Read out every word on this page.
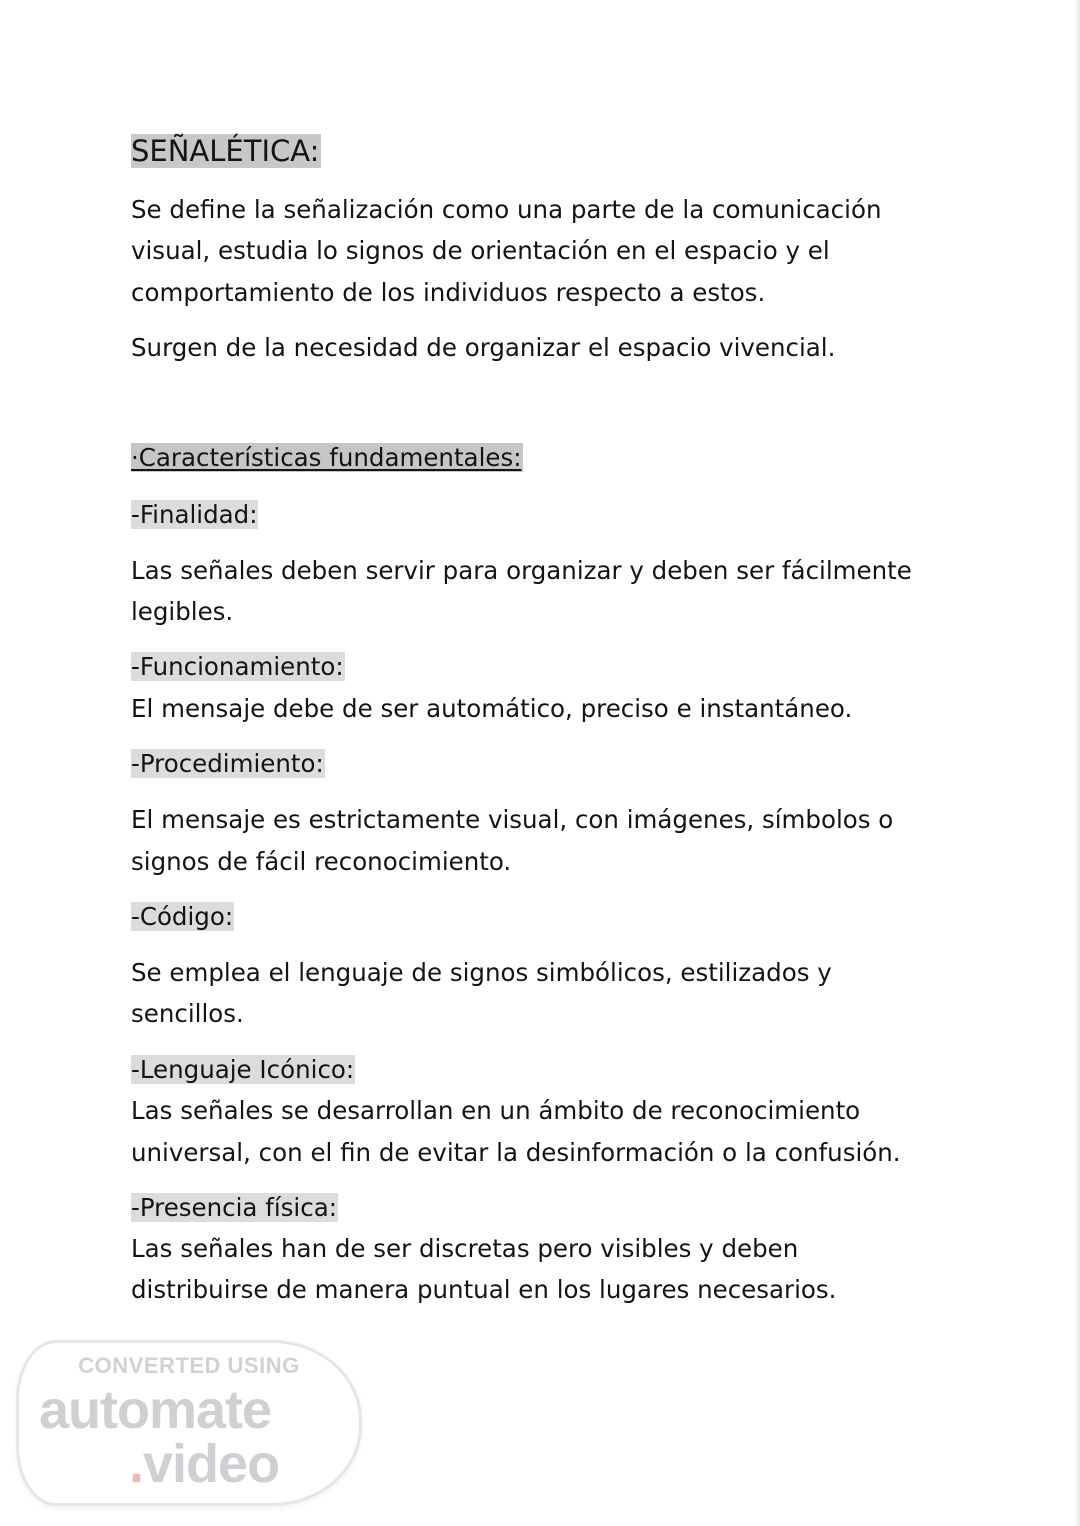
SEÑALÉTICA:
Se define la señalización como una parte de la comunicación
visual, estudia lo signos de orientación en el espacio y el
comportamiento de los individuos respecto a estos.
Surgen de la necesidad de organizar el espacio vivencial.
·Características fundamentales:
-Finalidad:
Las señales deben servir para organizar y deben ser fácilmente
legibles.
-Funcionamiento:
El mensaje debe de ser automático, preciso e instantáneo.
-Procedimiento:
El mensaje es estrictamente visual, con imágenes, símbolos o
signos de fácil reconocimiento.
-Código:
Se emplea el lenguaje de signos simbólicos, estilizados y
sencillos.
-Lenguaje Icónico:
Las señales se desarrollan en un ámbito de reconocimiento
universal, con el fin de evitar la desinformación o la confusión.
-Presencia física:
Las señales han de ser discretas pero visibles y deben
distribuirse de manera puntual en los lugares necesarios.
CONVERTED USING
automate
.video
